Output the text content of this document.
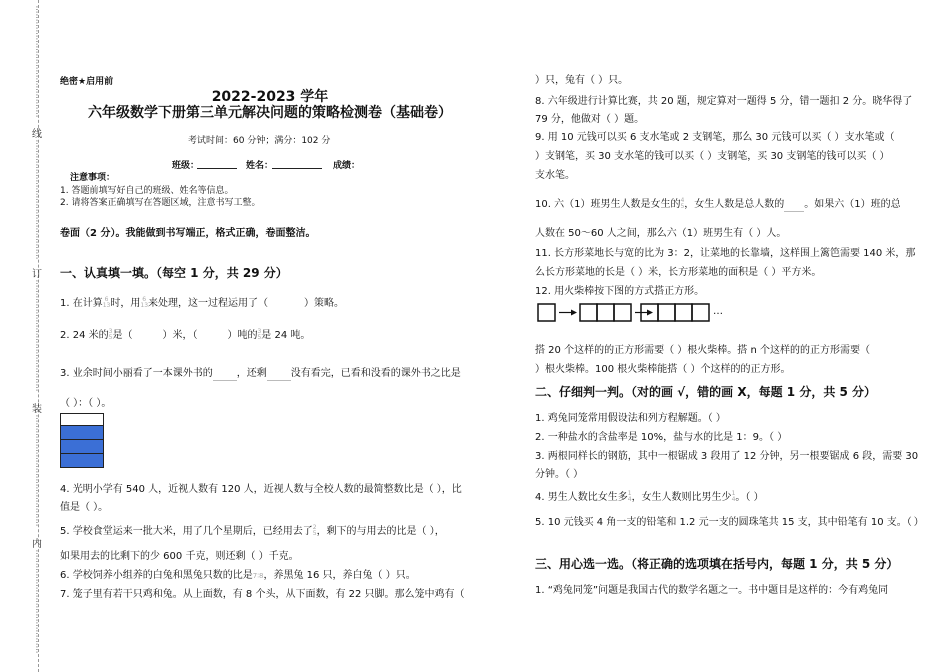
⋮
⋮
⋮
⋮
⋮
⋮
⋮
⋮
⋮
⋮
⋮
⋮
⋮
⋮
线
⋮
⋮
⋮
⋮
⋮
⋮
⋮
⋮
⋮
⋮
⋮
⋮
⋮
⋮
⋮
订
⋮
⋮
⋮
⋮
⋮
⋮
⋮
⋮
⋮
⋮
⋮
⋮
⋮
⋮
装
⋮
⋮
⋮
⋮
⋮
⋮
⋮
⋮
⋮
⋮
⋮
⋮
⋮
⋮
内
⋮
⋮
⋮
⋮
⋮
⋮
⋮
⋮
⋮
⋮
⋮
⋮
⋮
绝密★启用前
2022-2023 学年
六年级数学下册第三单元解决问题的策略检测卷（基础卷）
考试时间：60 分钟；满分：102 分
班级：	姓名：	成绩：
注意事项：
1. 答题前填写好自己的班级、姓名等信息。
2. 请将答案正确填写在答题区域，注意书写工整。
卷面（2 分）。我能做到书写端正，格式正确，卷面整洁。
一、认真填一填。（每空 1 分，共 29 分）
1. 在计算 6
13时，用 6
13来处理，这一过程运用了（	）策略。
2. 24 米的3
5是（	）米，（	）吨的3
5是 24 吨。
3. 业余时间小丽看了一本课外书的 ，还剩 没有看完，已看和没看的课外书之比是
（ ）：（ ）。
4. 光明小学有 540 人，近视人数有 120 人，近视人数与全校人数的最简整数比是（ ），比
值是（ ）。
5. 学校食堂运来一批大米，用了几个星期后，已经用去了2
5，剩下的与用去的比是（ ），
如果用去的比剩下的少 600 千克，则还剩（ ）千克。
6. 学校饲养小组养的白兔和黑兔只数的比是7∶8，养黑兔 16 只，养白兔（ ）只。
7. 笼子里有若干只鸡和兔。从上面数，有 8 个头，从下面数，有 22 只脚。那么笼中鸡有（
）只，兔有（ ）只。
8. 六年级进行计算比赛，共 20 题，规定算对一题得 5 分，错一题扣 2 分。晓华得了
79 分，他做对（ ）题。
9. 用 10 元钱可以买 6 支水笔或 2 支钢笔，那么 30 元钱可以买（ ）支水笔或（
）支钢笔，买 30 支水笔的钱可以买（ ）支钢笔，买 30 支钢笔的钱可以买（ ）
支水笔。
10. 六（1）班男生人数是女生的4
5，女生人数是总人数的 。如果六（1）班的总
人数在 50～60 人之间，那么六（1）班男生有（ ）人。
11. 长方形菜地长与宽的比为 3：2，让菜地的长靠墙，这样围上篱笆需要 140 米，那
么长方形菜地的长是（ ）米，长方形菜地的面积是（ ）平方米。
12. 用火柴棒按下图的方式搭正方形。
…
搭 20 个这样的的正方形需要（ ）根火柴棒。搭 n 个这样的的正方形需要（
）根火柴棒。100 根火柴棒能搭（ ）个这样的的正方形。
二、仔细判一判。（对的画 √，错的画 X，每题 1 分，共 5 分）
1. 鸡兔同笼常用假设法和列方程解题。（ ）
2. 一种盐水的含盐率是 10%，盐与水的比是 1：9。（ ）
3. 两根同样长的钢筋，其中一根锯成 3 段用了 12 分钟，另一根要锯成 6 段，需要 30
分钟。（ ）
4. 男生人数比女生多1
4，女生人数则比男生少1
4。（ ）
5. 10 元钱买 4 角一支的铅笔和 1.2 元一支的圆珠笔共 15 支，其中铅笔有 10 支。（ ）
三、用心选一选。（将正确的选项填在括号内，每题 1 分，共 5 分）
1. “鸡兔同笼”问题是我国古代的数学名题之一。书中题目是这样的：今有鸡兔同
